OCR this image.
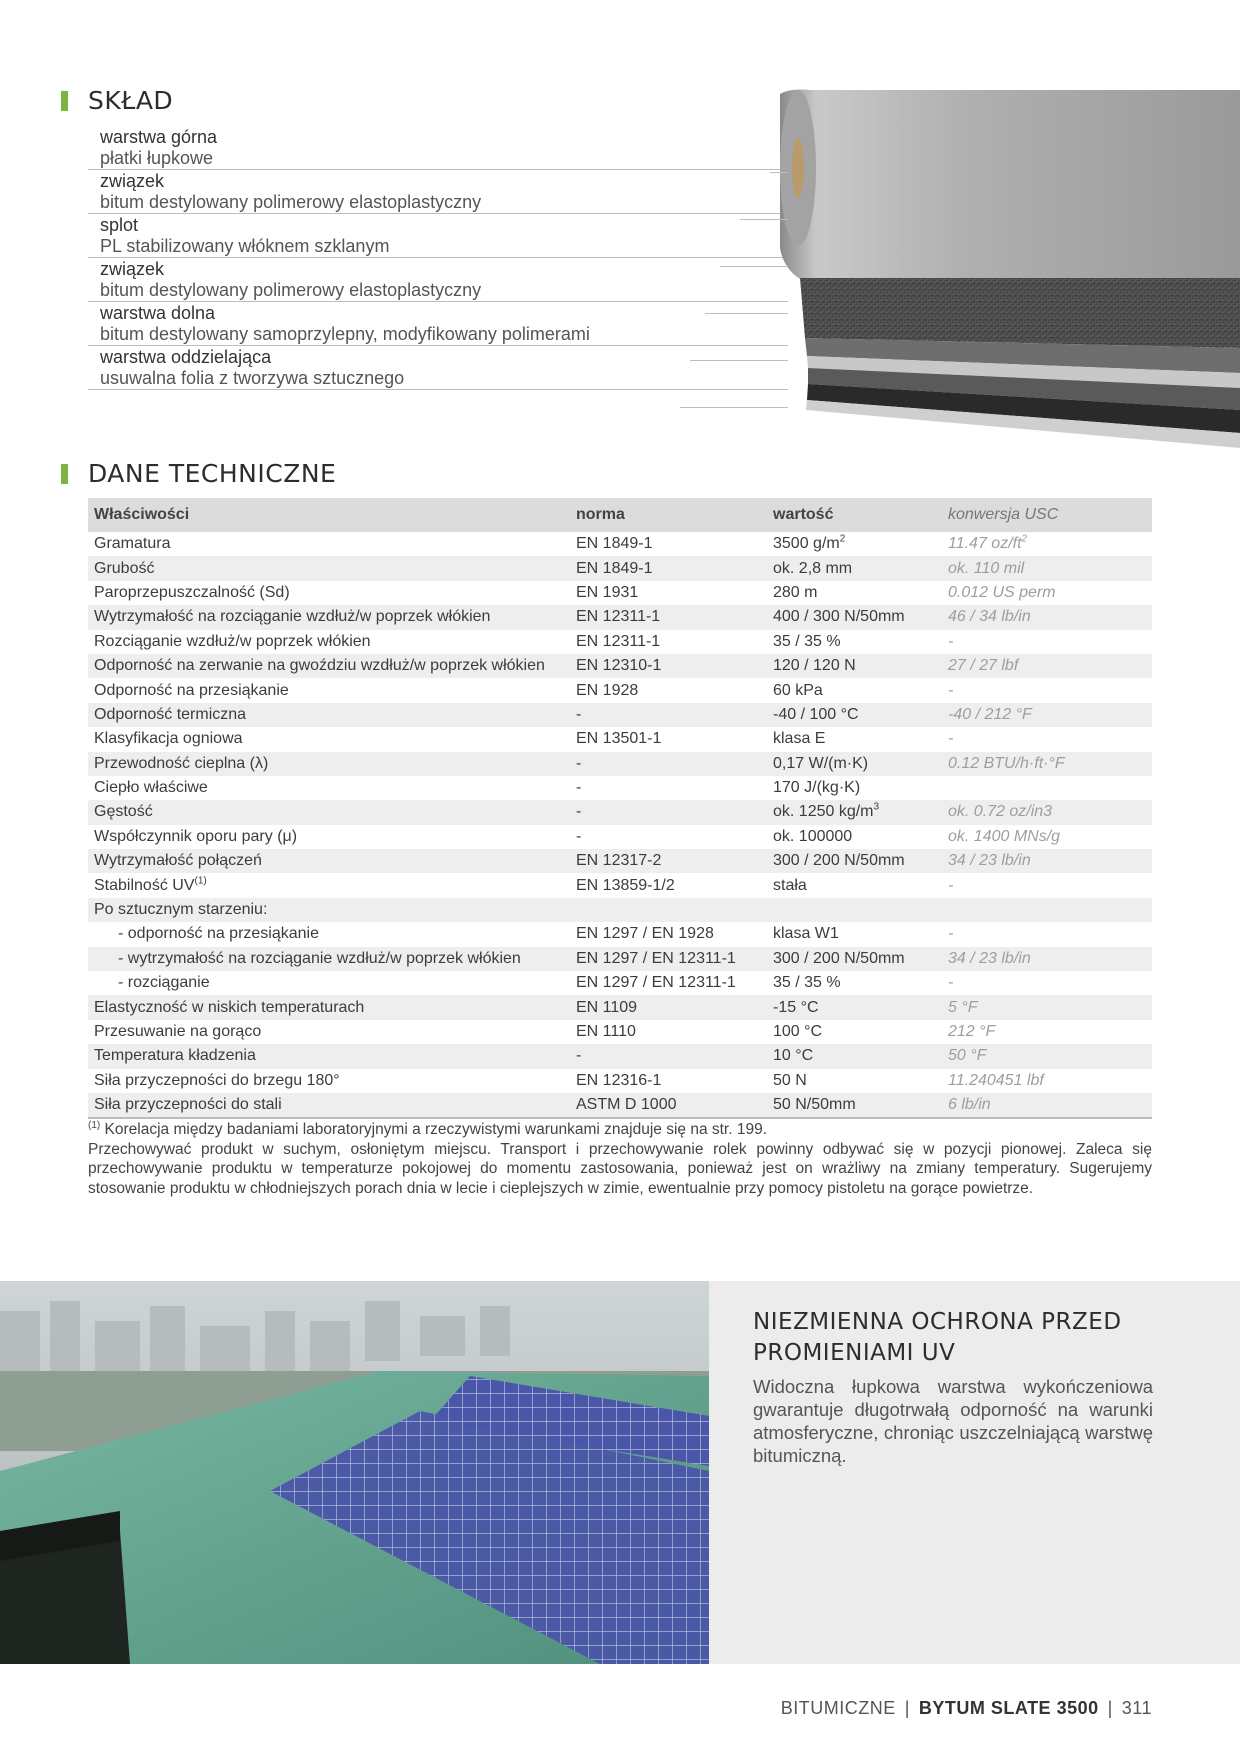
SKŁAD
warstwa górna
płatki łupkowe
związek
bitum destylowany polimerowy elastoplastyczny
splot
PL stabilizowany włóknem szklanym
związek
bitum destylowany polimerowy elastoplastyczny
warstwa dolna
bitum destylowany samoprzylepny, modyfikowany polimerami
warstwa oddzielająca
usuwalna folia z tworzywa sztucznego
DANE TECHNICZNE
Właściwości	norma	wartość	konwersja USC
Gramatura	EN 1849-1	3500 $g/m^2$	11.47 $oz/ft^2$
Grubość	EN 1849-1	ok. 2,8 mm	ok. 110 mil
Paroprzepuszczalność (Sd)	EN 1931	280 m	0.012 US perm
Wytrzymałość na rozciąganie wzdłuż/w poprzek włókien	EN 12311-1	400 / 300 N/50mm	46 / 34 lb/in
Rozciąganie wzdłuż/w poprzek włókien	EN 12311-1	35 / 35 %	-
Odporność na zerwanie na gwoździu wzdłuż/w poprzek włókien	EN 12310-1	120 / 120 N	27 / 27 lbf
Odporność na przesiąkanie	EN 1928	60 kPa	-
Odporność termiczna	-	-40 / 100 °C	-40 / 212 °F
Klasyfikacja ogniowa	EN 13501-1	klasa E	-
Przewodność cieplna (λ)	-	0,17 W/(m·K)	0.12 BTU/h·ft·°F
Ciepło właściwe	-	170 J/(kg·K)	
Gęstość	-	ok. 1250 $kg/m^3$	ok. 0.72 oz/in3
Współczynnik oporu pary (μ)	-	ok. 100000	ok. 1400 MNs/g
Wytrzymałość połączeń	EN 12317-2	300 / 200 N/50mm	34 / 23 lb/in
Stabilność UV$^{(1)}$	EN 13859-1/2	stała	-
Po sztucznym starzeniu:			
- odporność na przesiąkanie	EN 1297 / EN 1928	klasa W1	-
- wytrzymałość na rozciąganie wzdłuż/w poprzek włókien	EN 1297 / EN 12311-1	300 / 200 N/50mm	34 / 23 lb/in
- rozciąganie	EN 1297 / EN 12311-1	35 / 35 %	-
Elastyczność w niskich temperaturach	EN 1109	-15 °C	5 °F
Przesuwanie na gorąco	EN 1110	100 °C	212 °F
Temperatura kładzenia	-	10 °C	50 °F
Siła przyczepności do brzegu 180°	EN 12316-1	50 N	11.240451 lbf
Siła przyczepności do stali	ASTM D 1000	50 N/50mm	6 lb/in

$^{(1)}$ Korelacja między badaniami laboratoryjnymi a rzeczywistymi warunkami znajduje się na str. 199.

Przechowywać produkt w suchym, osłoniętym miejscu. Transport i przechowywanie rolek powinny odbywać się w pozycji pionowej. Zaleca się przechowywanie produktu w temperaturze pokojowej do momentu zastosowania, ponieważ jest on wrażliwy na zmiany temperatury. Sugerujemy stosowanie produktu w chłodniejszych porach dnia w lecie i cieplejszych w zimie, ewentualnie przy pomocy pistoletu na gorące powietrze.

NIEZMIENNA OCHRONA PRZED PROMIENIAMI UV
Widoczna łupkowa warstwa wykończeniowa gwarantuje długotrwałą odporność na warunki atmosferyczne, chroniąc uszczelniającą warstwę bitumiczną.
BITUMICZNE | BYTUM SLATE 3500 | 311
